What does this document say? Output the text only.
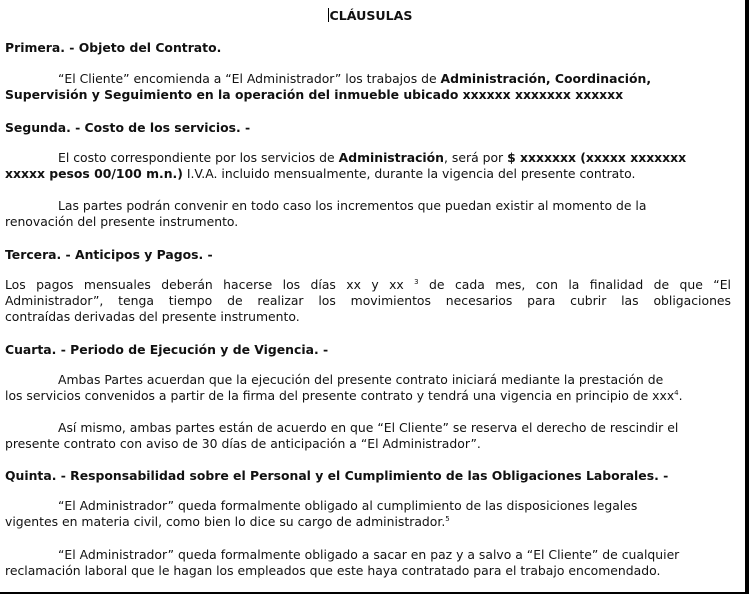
CLÁUSULAS
Primera. - Objeto del Contrato.
“El Cliente” encomienda a “El Administrador” los trabajos de Administración, Coordinación,
Supervisión y Seguimiento en la operación del inmueble ubicado xxxxxx xxxxxxx xxxxxx
Segunda. - Costo de los servicios. -
El costo correspondiente por los servicios de Administración, será por $ xxxxxxx (xxxxx xxxxxxx
xxxxx pesos 00/100 m.n.) I.V.A. incluido mensualmente, durante la vigencia del presente contrato.
Las partes podrán convenir en todo caso los incrementos que puedan existir al momento de la
renovación del presente instrumento.
Tercera. - Anticipos y Pagos. -
Los pagos mensuales deberán hacerse los días xx y xx $^3$ de cada mes, con la finalidad de que “El
Administrador”, tenga tiempo de realizar los movimientos necesarios para cubrir las obligaciones
contraídas derivadas del presente instrumento.
Cuarta. - Periodo de Ejecución y de Vigencia. -
Ambas Partes acuerdan que la ejecución del presente contrato iniciará mediante la prestación de
los servicios convenidos a partir de la firma del presente contrato y tendrá una vigencia en principio de xxx$^4$.
Así mismo, ambas partes están de acuerdo en que “El Cliente” se reserva el derecho de rescindir el
presente contrato con aviso de 30 días de anticipación a “El Administrador”.
Quinta. - Responsabilidad sobre el Personal y el Cumplimiento de las Obligaciones Laborales. -
“El Administrador” queda formalmente obligado al cumplimiento de las disposiciones legales
vigentes en materia civil, como bien lo dice su cargo de administrador.$^5$
“El Administrador” queda formalmente obligado a sacar en paz y a salvo a “El Cliente” de cualquier
reclamación laboral que le hagan los empleados que este haya contratado para el trabajo encomendado.
